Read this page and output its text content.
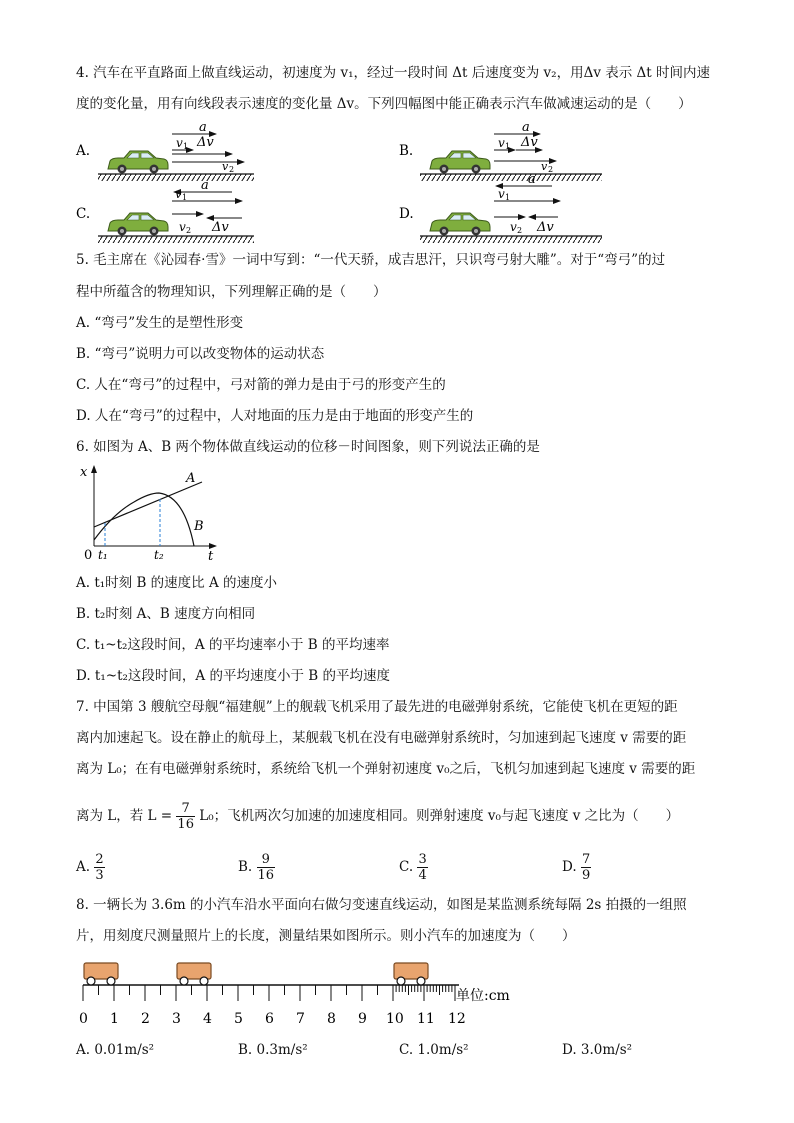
4. 汽车在平直路面上做直线运动，初速度为 v₁，经过一段时间 Δt 后速度变为 v₂，用Δv 表示 Δt 时间内速
度的变化量，用有向线段表示速度的变化量 Δv。下列四幅图中能正确表示汽车做减速运动的是（　　）
A.
a
v 1 Δv
v 2
B.
a
v 1 Δv
v 2
C.
a
v 1
v 2 Δv
D.
a
v 1
v 2 Δv
5. 毛主席在《沁园春·雪》一词中写到：“一代天骄，成吉思汗，只识弯弓射大雕”。对于“弯弓”的过
程中所蕴含的物理知识，下列理解正确的是（　　）
A. “弯弓”发生的是塑性形变
B. “弯弓”说明力可以改变物体的运动状态
C. 人在“弯弓”的过程中，弓对箭的弹力是由于弓的形变产生的
D. 人在“弯弓”的过程中，人对地面的压力是由于地面的形变产生的
6. 如图为 A、B 两个物体做直线运动的位移－时间图象，则下列说法正确的是
x
t
0
A
B
t₁	t₂
A. t₁时刻 B 的速度比 A 的速度小
B. t₂时刻 A、B 速度方向相同
C. t₁~t₂这段时间，A 的平均速率小于 B 的平均速率
D. t₁~t₂这段时间，A 的平均速度小于 B 的平均速度
7. 中国第 3 艘航空母舰“福建舰”上的舰载飞机采用了最先进的电磁弹射系统，它能使飞机在更短的距
离内加速起飞。设在静止的航母上，某舰载飞机在没有电磁弹射系统时，匀加速到起飞速度 v 需要的距
离为 L₀；在有电磁弹射系统时，系统给飞机一个弹射初速度 v₀之后，飞机匀加速到起飞速度 v 需要的距
离为 L，若 $L = \frac{7}{16} L_0$；飞机两次匀加速的加速度相同。则弹射速度 v₀与起飞速度 v 之比为（　　）
A. $\frac{2}{3}$	B. $\frac{9}{16}$	C. $\frac{3}{4}$	D. $\frac{7}{9}$
8. 一辆长为 3.6m 的小汽车沿水平面向右做匀变速直线运动，如图是某监测系统每隔 2s 拍摄的一组照
片，用刻度尺测量照片上的长度，测量结果如图所示。则小汽车的加速度为（　　）
0 1 2 3 4 5 6 7 8 9 10 11 12
单位:cm
A. 0.01m/s²	B. 0.3m/s²	C. 1.0m/s²	D. 3.0m/s²
